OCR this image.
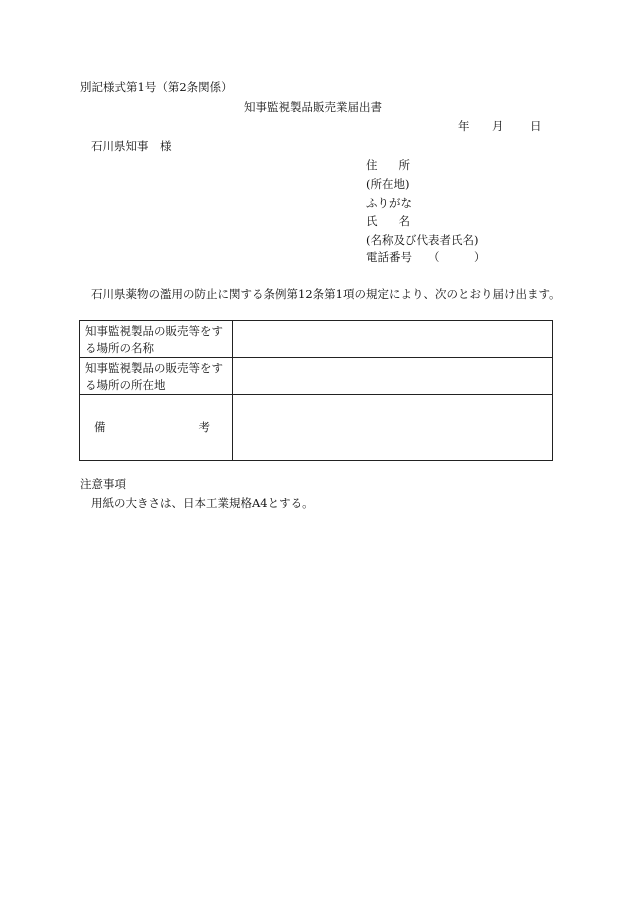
別記様式第1号（第2条関係）
知事監視製品販売業届出書
年 月 日
石川県知事　様
住　所
(所在地)
ふりがな
氏　名
(名称及び代表者氏名)
電話番号 （　　　）
石川県薬物の濫用の防止に関する条例第12条第1項の規定により、次のとおり届け出ます。
知事監視製品の販売等をする場所の名称	
知事監視製品の販売等をする場所の所在地	

備 考	

注意事項
用紙の大きさは、日本工業規格A4とする。
